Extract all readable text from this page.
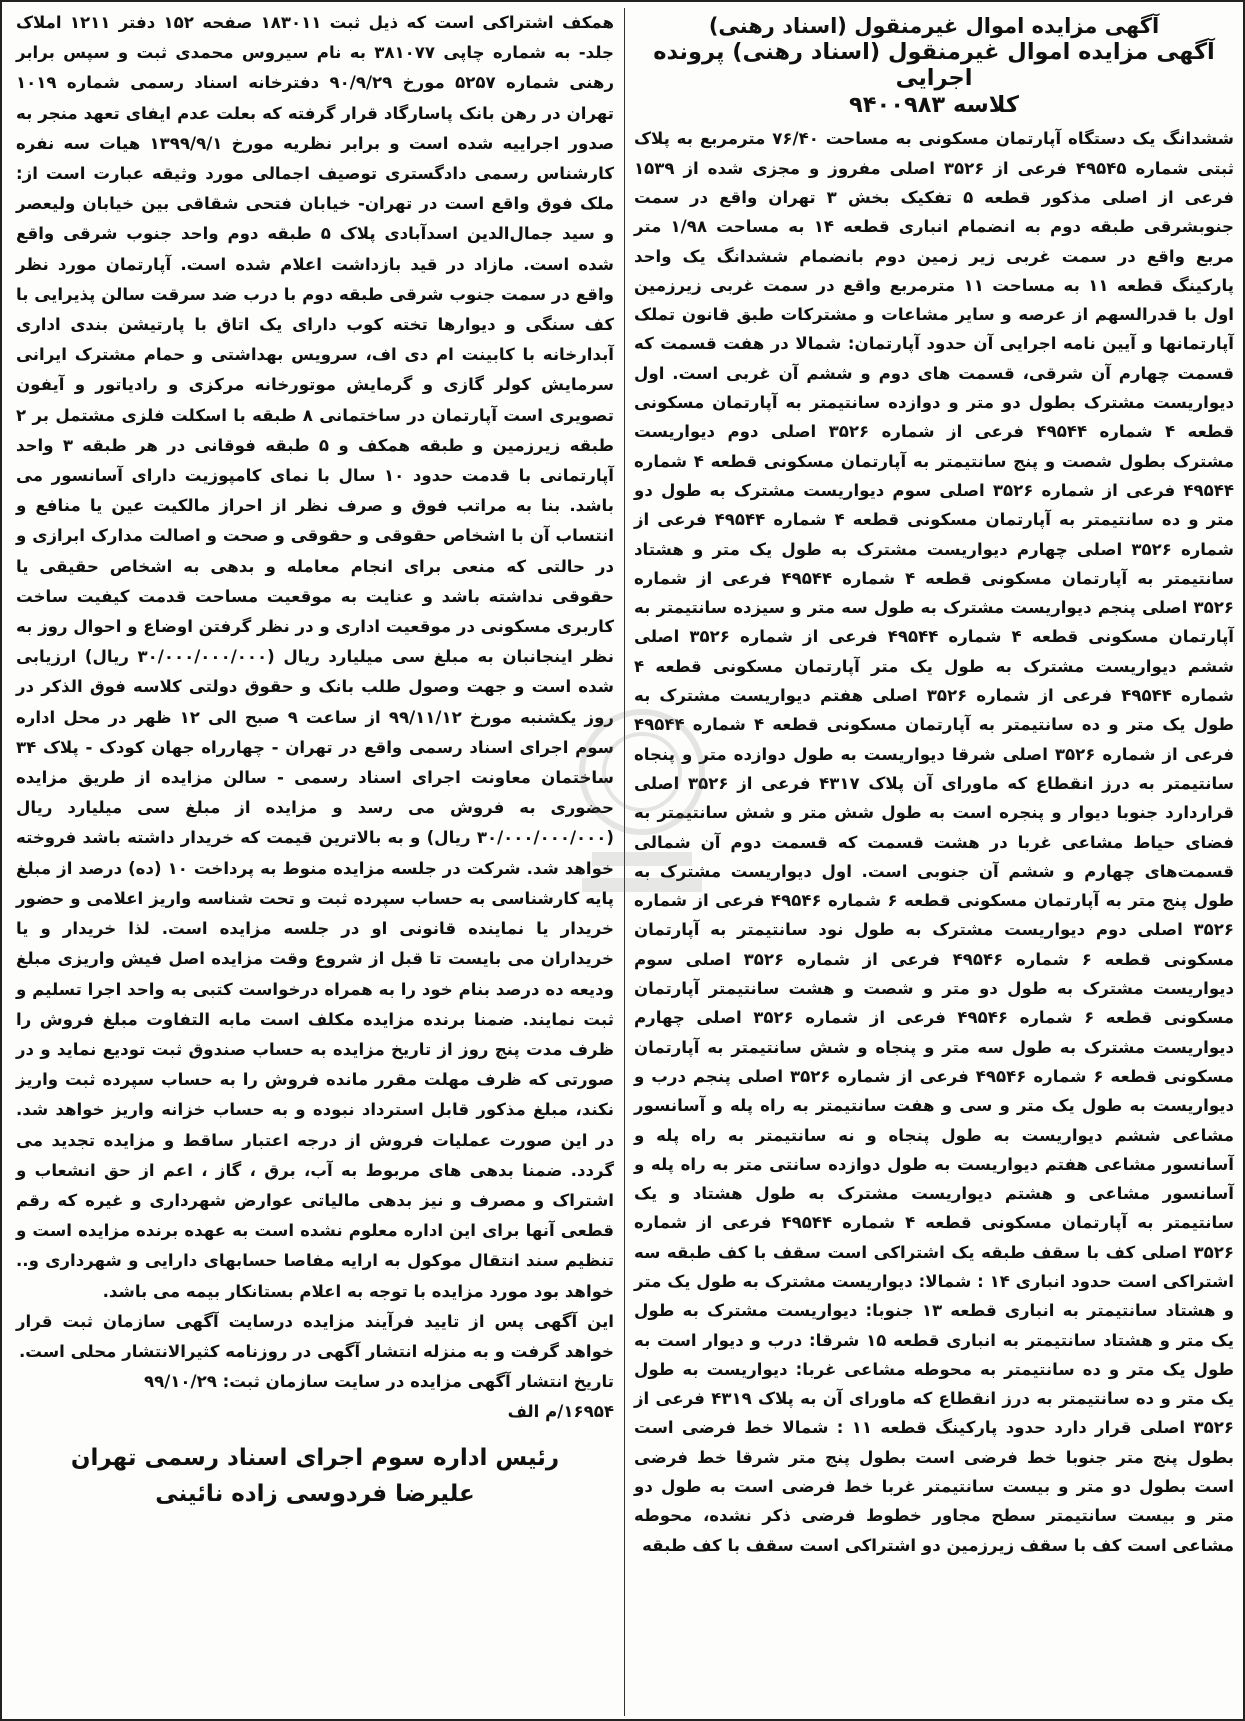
آگهی مزایده اموال غیرمنقول (اسناد رهنی)

آگهی مزایده اموال غیرمنقول (اسناد رهنی) پرونده اجرایی

کلاسه ۹۴۰۰۹۸۳

ششدانگ یک دستگاه آپارتمان مسکونی به مساحت ۷۶/۴۰ مترمربع به پلاک ثبتی شماره ۴۹۵۴۵ فرعی از ۳۵۲۶ اصلی مفروز و مجزی شده از ۱۵۳۹ فرعی از اصلی مذکور قطعه ۵ تفکیک بخش ۳ تهران واقع در سمت جنوبشرقی طبقه دوم به انضمام انباری قطعه ۱۴ به مساحت ۱/۹۸ متر مربع واقع در سمت غربی زیر زمین دوم بانضمام ششدانگ یک واحد پارکینگ قطعه ۱۱ به مساحت ۱۱ مترمربع واقع در سمت غربی زیرزمین اول با قدرالسهم از عرصه و سایر مشاعات و مشترکات طبق قانون تملک آپارتمانها و آیین نامه اجرایی آن حدود آپارتمان: شمالا در هفت قسمت که قسمت چهارم آن شرقی، قسمت های دوم و ششم آن غربی است. اول دیواریست مشترک بطول دو متر و دوازده سانتیمتر به آپارتمان مسکونی قطعه ۴ شماره ۴۹۵۴۴ فرعی از شماره ۳۵۲۶ اصلی دوم دیواریست مشترک بطول شصت و پنج سانتیمتر به آپارتمان مسکونی قطعه ۴ شماره ۴۹۵۴۴ فرعی از شماره ۳۵۲۶ اصلی سوم دیواریست مشترک به طول دو متر و ده سانتیمتر به آپارتمان مسکونی قطعه ۴ شماره ۴۹۵۴۴ فرعی از شماره ۳۵۲۶ اصلی چهارم دیواریست مشترک به طول یک متر و هشتاد سانتیمتر به آپارتمان مسکونی قطعه ۴ شماره ۴۹۵۴۴ فرعی از شماره ۳۵۲۶ اصلی پنجم دیواریست مشترک به طول سه متر و سیزده سانتیمتر به آپارتمان مسکونی قطعه ۴ شماره ۴۹۵۴۴ فرعی از شماره ۳۵۲۶ اصلی ششم دیواریست مشترک به طول یک متر آپارتمان مسکونی قطعه ۴ شماره ۴۹۵۴۴ فرعی از شماره ۳۵۲۶ اصلی هفتم دیواریست مشترک به طول یک متر و ده سانتیمتر به آپارتمان مسکونی قطعه ۴ شماره ۴۹۵۴۴ فرعی از شماره ۳۵۲۶ اصلی شرقا دیواریست به طول دوازده متر و پنجاه سانتیمتر به درز انقطاع که ماورای آن پلاک ۴۳۱۷ فرعی از ۳۵۲۶ اصلی قراردارد جنوبا دیوار و پنجره است به طول شش متر و شش سانتیمتر به فضای حیاط مشاعی غربا در هشت قسمت که قسمت دوم آن شمالی قسمت‌های چهارم و ششم آن جنوبی است. اول دیواریست مشترک به طول پنج متر به آپارتمان مسکونی قطعه ۶ شماره ۴۹۵۴۶ فرعی از شماره ۳۵۲۶ اصلی دوم دیواریست مشترک به طول نود سانتیمتر به آپارتمان مسکونی قطعه ۶ شماره ۴۹۵۴۶ فرعی از شماره ۳۵۲۶ اصلی سوم دیواریست مشترک به طول دو متر و شصت و هشت سانتیمتر آپارتمان مسکونی قطعه ۶ شماره ۴۹۵۴۶ فرعی از شماره ۳۵۲۶ اصلی چهارم دیواریست مشترک به طول سه متر و پنجاه و شش سانتیمتر به آپارتمان مسکونی قطعه ۶ شماره ۴۹۵۴۶ فرعی از شماره ۳۵۲۶ اصلی پنجم درب و دیواریست به طول یک متر و سی و هفت سانتیمتر به راه پله و آسانسور مشاعی ششم دیواریست به طول پنجاه و نه سانتیمتر به راه پله و آسانسور مشاعی هفتم دیواریست به طول دوازده سانتی متر به راه پله و آسانسور مشاعی و هشتم دیواریست مشترک به طول هشتاد و یک سانتیمتر به آپارتمان مسکونی قطعه ۴ شماره ۴۹۵۴۴ فرعی از شماره ۳۵۲۶ اصلی کف با سقف طبقه یک اشتراکی است سقف با کف طبقه سه اشتراکی است حدود انباری ۱۴ : شمالا: دیواریست مشترک به طول یک متر و هشتاد سانتیمتر به انباری قطعه ۱۳ جنوبا: دیواریست مشترک به طول یک متر و هشتاد سانتیمتر به انباری قطعه ۱۵ شرقا: درب و دیوار است به طول یک متر و ده سانتیمتر به محوطه مشاعی غربا: دیواریست به طول یک متر و ده سانتیمتر به درز انقطاع که ماورای آن به پلاک ۴۳۱۹ فرعی از ۳۵۲۶ اصلی قرار دارد حدود پارکینگ قطعه ۱۱ : شمالا خط فرضی است بطول پنج متر جنوبا خط فرضی است بطول پنج متر شرقا خط فرضی است بطول دو متر و بیست سانتیمتر غربا خط فرضی است به طول دو متر و بیست سانتیمتر سطح مجاور خطوط فرضی ذکر نشده، محوطه مشاعی است کف با سقف زیرزمین دو اشتراکی است سقف با کف طبقه

همکف اشتراکی است که ذیل ثبت ۱۸۳۰۱۱ صفحه ۱۵۲ دفتر ۱۲۱۱ املاک جلد- به شماره چاپی ۳۸۱۰۷۷ به نام سیروس محمدی ثبت و سپس برابر رهنی شماره ۵۲۵۷ مورخ ۹۰/۹/۲۹ دفترخانه اسناد رسمی شماره ۱۰۱۹ تهران در رهن بانک پاسارگاد قرار گرفته که بعلت عدم ایفای تعهد منجر به صدور اجراییه شده است و برابر نظریه مورخ ۱۳۹۹/۹/۱ هیات سه نفره کارشناس رسمی دادگستری توصیف اجمالی مورد وثیقه عبارت است از: ملک فوق واقع است در تهران- خیابان فتحی شقاقی بین خیابان ولیعصر و سید جمال‌الدین اسدآبادی پلاک ۵ طبقه دوم واحد جنوب شرقی واقع شده است. مازاد در قید بازداشت اعلام شده است. آپارتمان مورد نظر واقع در سمت جنوب شرقی طبقه دوم با درب ضد سرقت سالن پذیرایی با کف سنگی و دیوارها تخته کوب دارای یک اتاق با پارتیشن بندی اداری آبدارخانه با کابینت ام دی اف، سرویس بهداشتی و حمام مشترک ایرانی سرمایش کولر گازی و گرمایش موتورخانه مرکزی و رادیاتور و آیفون تصویری است آپارتمان در ساختمانی ۸ طبقه با اسکلت فلزی مشتمل بر ۲ طبقه زیرزمین و طبقه همکف و ۵ طبقه فوقانی در هر طبقه ۳ واحد آپارتمانی با قدمت حدود ۱۰ سال با نمای کامپوزیت دارای آسانسور می باشد. بنا به مراتب فوق و صرف نظر از احراز مالکیت عین یا منافع و انتساب آن با اشخاص حقوقی و حقوقی و صحت و اصالت مدارک ابرازی و در حالتی که منعی برای انجام معامله و بدهی به اشخاص حقیقی یا حقوقی نداشته باشد و عنایت به موقعیت مساحت قدمت کیفیت ساخت کاربری مسکونی در موقعیت اداری و در نظر گرفتن اوضاع و احوال روز به نظر اینجانبان به مبلغ سی میلیارد ریال (۳۰/۰۰۰/۰۰۰/۰۰۰ ریال) ارزیابی شده است و جهت وصول طلب بانک و حقوق دولتی کلاسه فوق الذکر در روز یکشنبه مورخ ۹۹/۱۱/۱۲ از ساعت ۹ صبح الی ۱۲ ظهر در محل اداره سوم اجرای اسناد رسمی واقع در تهران - چهارراه جهان کودک - پلاک ۳۴ ساختمان معاونت اجرای اسناد رسمی - سالن مزایده از طریق مزایده حضوری به فروش می رسد و مزایده از مبلغ سی میلیارد ریال (۳۰/۰۰۰/۰۰۰/۰۰۰ ریال) و به بالاترین قیمت که خریدار داشته باشد فروخته خواهد شد. شرکت در جلسه مزایده منوط به پرداخت ۱۰ (ده) درصد از مبلغ پایه کارشناسی به حساب سپرده ثبت و تحت شناسه واریز اعلامی و حضور خریدار یا نماینده قانونی او در جلسه مزایده است. لذا خریدار و یا خریداران می بایست تا قبل از شروع وقت مزایده اصل فیش واریزی مبلغ ودیعه ده درصد بنام خود را به همراه درخواست کتبی به واحد اجرا تسلیم و ثبت نمایند. ضمنا برنده مزایده مکلف است مابه التفاوت مبلغ فروش را ظرف مدت پنج روز از تاریخ مزایده به حساب صندوق ثبت تودیع نماید و در صورتی که ظرف مهلت مقرر مانده فروش را به حساب سپرده ثبت واریز نکند، مبلغ مذکور قابل استرداد نبوده و به حساب خزانه واریز خواهد شد. در این صورت عملیات فروش از درجه اعتبار ساقط و مزایده تجدید می گردد. ضمنا بدهی های مربوط به آب، برق ، گاز ، اعم از حق انشعاب و اشتراک و مصرف و نیز بدهی مالیاتی عوارض شهرداری و غیره که رقم قطعی آنها برای این اداره معلوم نشده است به عهده برنده مزایده است و تنظیم سند انتقال موکول به ارایه مفاصا حسابهای دارایی و شهرداری و.. خواهد بود مورد مزایده با توجه به اعلام بستانکار بیمه می باشد.

این آگهی پس از تایید فرآیند مزایده درسایت آگهی سازمان ثبت قرار خواهد گرفت و به منزله انتشار آگهی در روزنامه کثیرالانتشار محلی است.

تاریخ انتشار آگهی مزایده در سایت سازمان ثبت: ۹۹/۱۰/۲۹

۱۶۹۵۴/م الف

رئیس اداره سوم اجرای اسناد رسمی تهران
علیرضا فردوسی زاده نائینی
